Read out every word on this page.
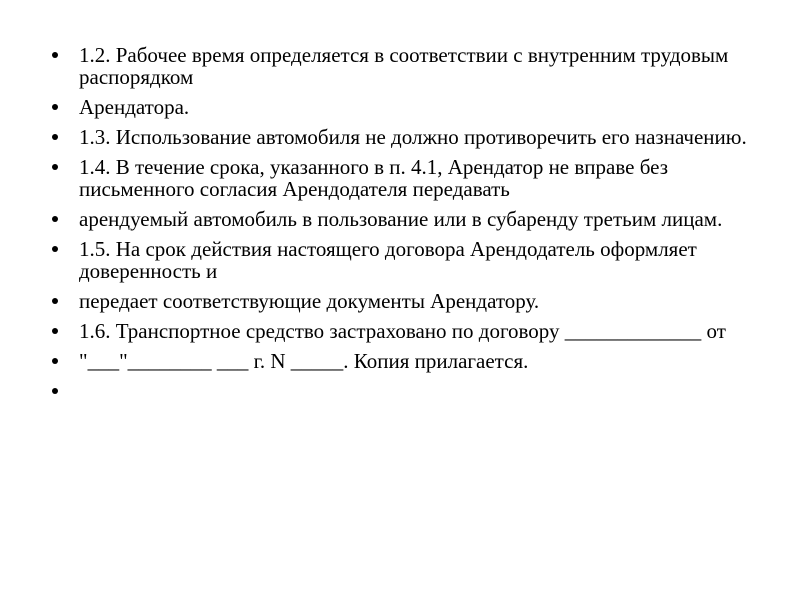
1.2. Рабочее время определяется в соответствии с внутренним трудовым распорядком
Арендатора.
1.3. Использование автомобиля не должно противоречить его назначению.
1.4. В течение срока, указанного в п. 4.1, Арендатор не вправе без письменного согласия Арендодателя передавать
арендуемый автомобиль в пользование или в субаренду третьим лицам.
1.5. На срок действия настоящего договора Арендодатель оформляет доверенность и
передает соответствующие документы Арендатору.
1.6. Транспортное средство застраховано по договору _____________ от
"___"________ ___ г. N _____. Копия прилагается.
